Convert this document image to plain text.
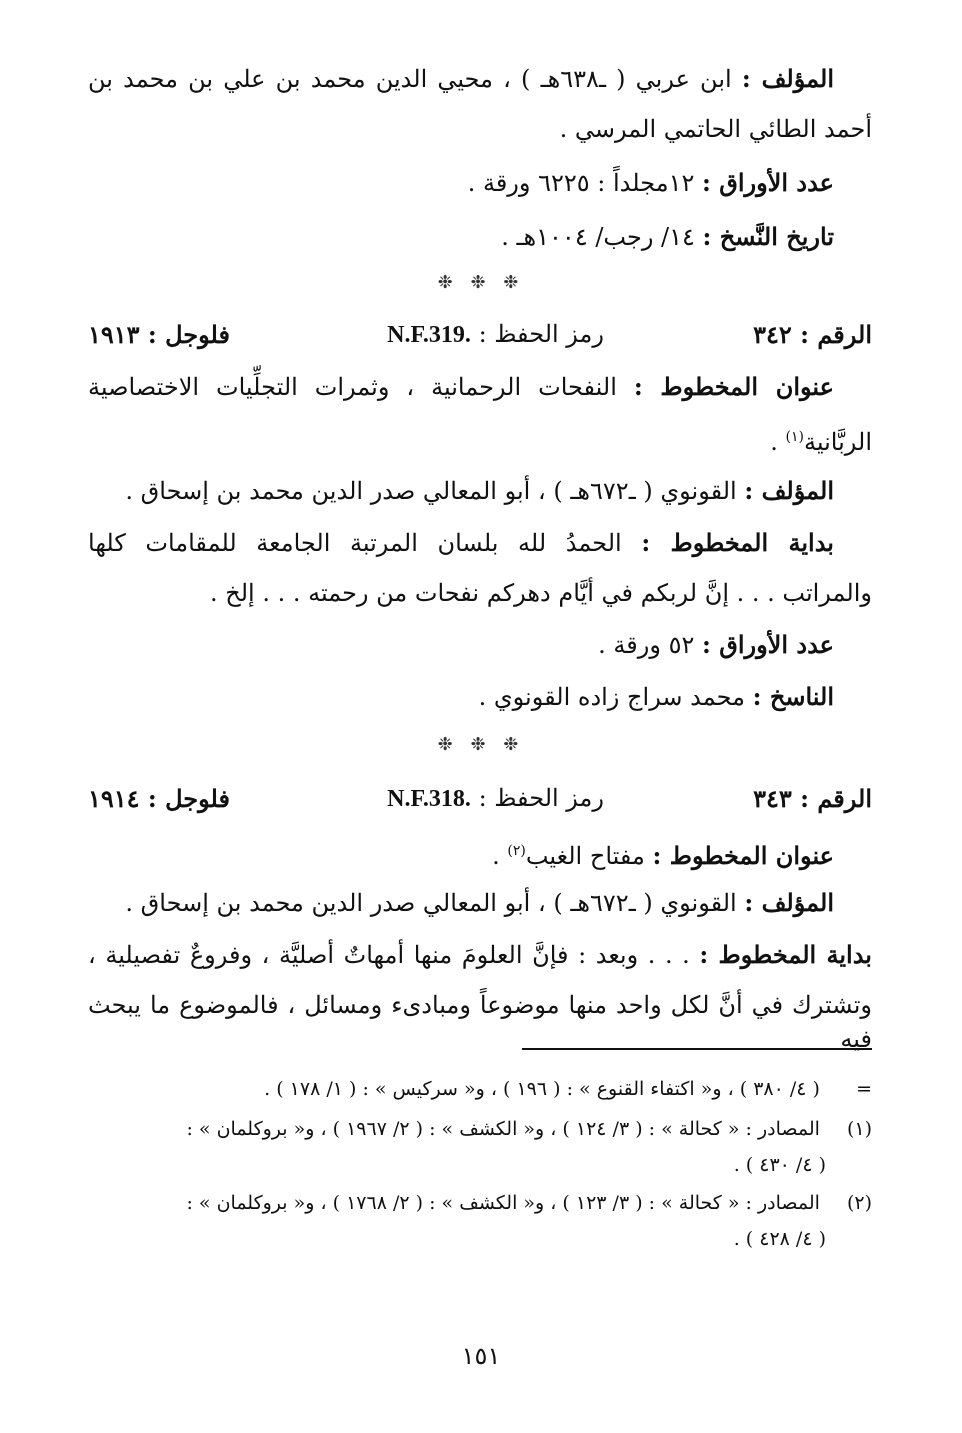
المؤلف : ابن عربي ( ـ٦٣٨هـ ) ، محيي الدين محمد بن علي بن محمد بن
أحمد الطائي الحاتمي المرسي .
عدد الأوراق : ١٢مجلداً : ٦٢٢٥ ورقة .
تاريخ النَّسخ : ١٤/ رجب/ ١٠٠٤هـ .
❉ ❉ ❉
الرقم : ٣٤٢
رمز الحفظ : N.F.319.
فلوجل : ١٩١٣
عنوان المخطوط : النفحات الرحمانية ، وثمرات التجلِّيات الاختصاصية
الربَّانية$^{(١)}$ .
المؤلف : القونوي ( ـ٦٧٢هـ ) ، أبو المعالي صدر الدين محمد بن إسحاق .
بداية المخطوط : الحمدُ لله بلسان المرتبة الجامعة للمقامات كلها
والمراتب . . . إنَّ لربكم في أيَّام دهركم نفحات من رحمته . . . إلخ .
عدد الأوراق : ٥٢ ورقة .
الناسخ : محمد سراج زاده القونوي .
❉ ❉ ❉
الرقم : ٣٤٣
رمز الحفظ : N.F.318.
فلوجل : ١٩١٤
عنوان المخطوط : مفتاح الغيب$^{(٢)}$ .
المؤلف : القونوي ( ـ٦٧٢هـ ) ، أبو المعالي صدر الدين محمد بن إسحاق .
بداية المخطوط : . . . وبعد : فإنَّ العلومَ منها أمهاتٌ أصليَّة ، وفروعٌ تفصيلية ،
وتشترك في أنَّ لكل واحد منها موضوعاً ومبادىء ومسائل ، فالموضوع ما يبحث فيه
= ( ٤/ ٣٨٠ ) ، و« اكتفاء القنوع » : ( ١٩٦ ) ، و« سركيس » : ( ١/ ١٧٨ ) .
(١) المصادر : « كحالة » : ( ٣/ ١٢٤ ) ، و« الكشف » : ( ٢/ ١٩٦٧ ) ، و« بروكلمان » :
( ٤/ ٤٣٠ ) .
(٢) المصادر : « كحالة » : ( ٣/ ١٢٣ ) ، و« الكشف » : ( ٢/ ١٧٦٨ ) ، و« بروكلمان » :
( ٤/ ٤٢٨ ) .
١٥١
